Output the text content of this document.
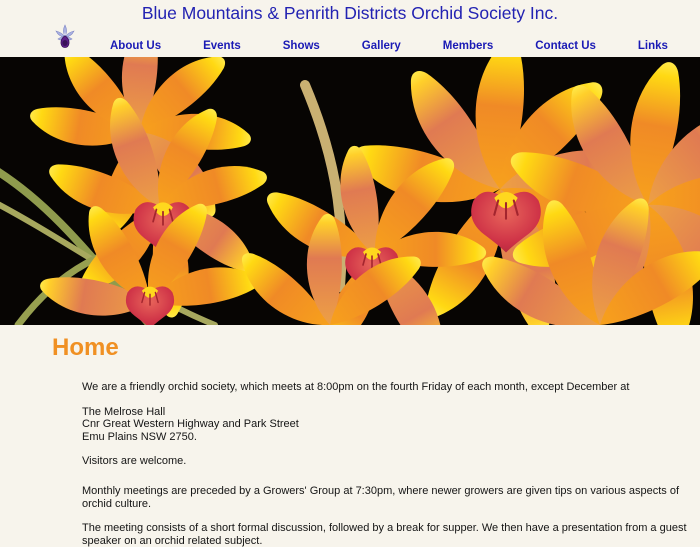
Blue Mountains & Penrith Districts Orchid Society Inc.
About Us	Events	Shows	Gallery	Members	Contact Us	Links
Home

We are a friendly orchid society, which meets at 8:00pm on the fourth Friday of each month, except December at

The Melrose Hall
Cnr Great Western Highway and Park Street
Emu Plains NSW 2750.

Visitors are welcome.

Monthly meetings are preceded by a Growers' Group at 7:30pm, where newer growers are given tips on various aspects of orchid culture.

The meeting consists of a short formal discussion, followed by a break for supper. We then have a presentation from a guest speaker on an orchid related subject.
